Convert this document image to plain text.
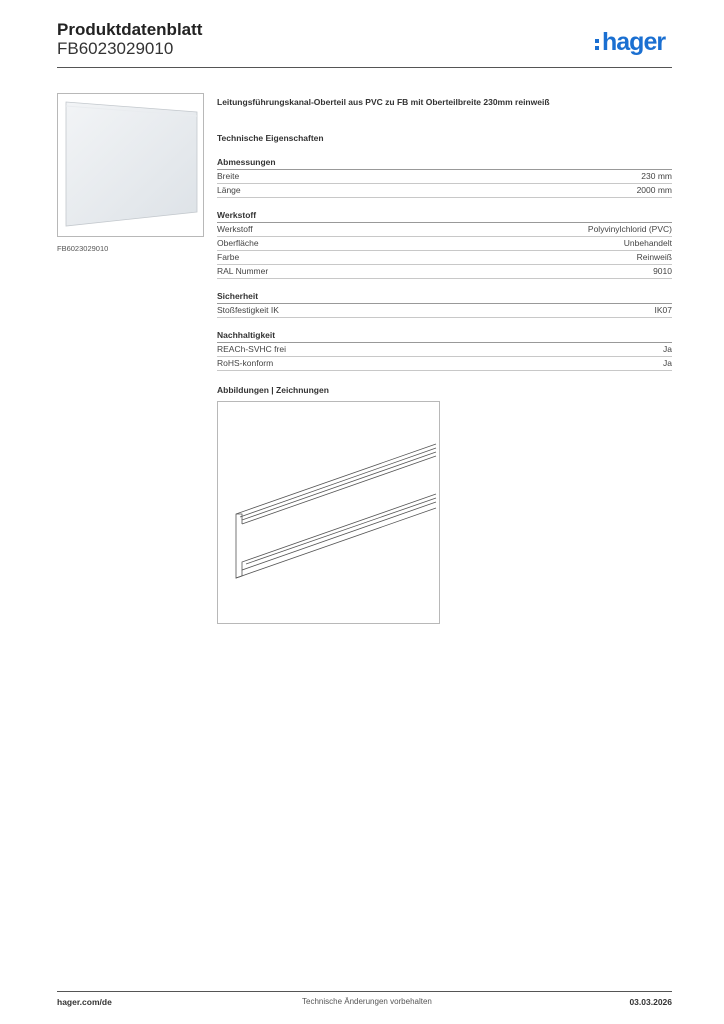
Produktdatenblatt
FB6023029010	hager
FB6023029010
Leitungsführungskanal-Oberteil aus PVC zu FB mit Oberteilbreite 230mm reinweiß
Technische Eigenschaften
Abmessungen
Breite	230 mm
Länge	2000 mm
Werkstoff
Werkstoff	Polyvinylchlorid (PVC)
Oberfläche	Unbehandelt
Farbe	Reinweiß
RAL Nummer	9010
Sicherheit
Stoßfestigkeit IK	IK07
Nachhaltigkeit
REACh-SVHC frei	Ja
RoHS-konform	Ja
Abbildungen | Zeichnungen
hager.com/de	Technische Änderungen vorbehalten	03.03.2026
